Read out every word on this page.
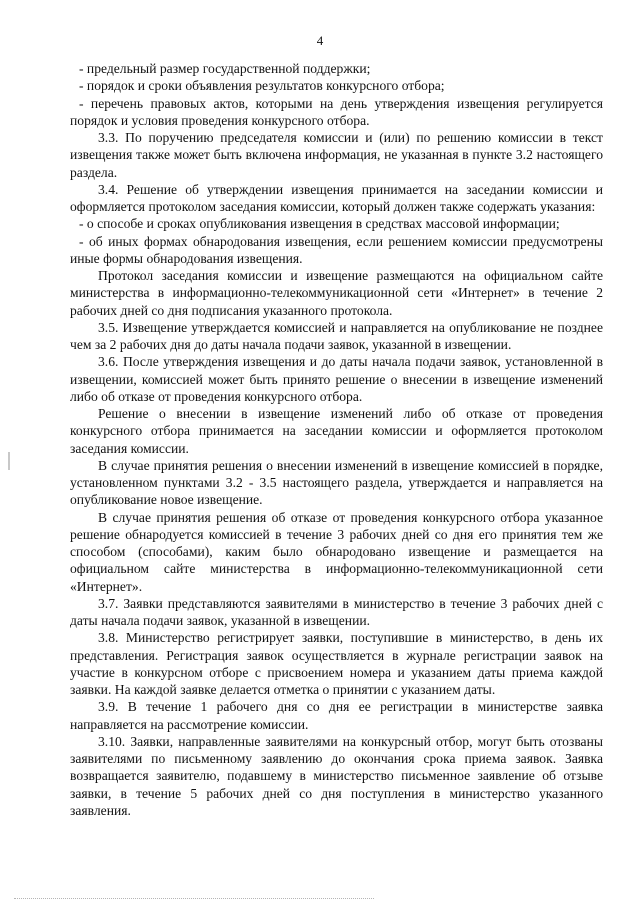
4

- предельный размер государственной поддержки;

- порядок и сроки объявления результатов конкурсного отбора;

- перечень правовых актов, которыми на день утверждения извещения регулируется порядок и условия проведения конкурсного отбора.

3.3. По поручению председателя комиссии и (или) по решению комиссии в текст извещения также может быть включена информация, не указанная в пункте 3.2 настоящего раздела.

3.4. Решение об утверждении извещения принимается на заседании комиссии и оформляется протоколом заседания комиссии, который должен также содержать указания:

- о способе и сроках опубликования извещения в средствах массовой информации;

- об иных формах обнародования извещения, если решением комиссии предусмотрены иные формы обнародования извещения.

Протокол заседания комиссии и извещение размещаются на официальном сайте министерства в информационно-телекоммуникационной сети «Интернет» в течение 2 рабочих дней со дня подписания указанного протокола.

3.5. Извещение утверждается комиссией и направляется на опубликование не позднее чем за 2 рабочих дня до даты начала подачи заявок, указанной в извещении.

3.6. После утверждения извещения и до даты начала подачи заявок, установленной в извещении, комиссией может быть принято решение о внесении в извещение изменений либо об отказе от проведения конкурсного отбора.

Решение о внесении в извещение изменений либо об отказе от проведения конкурсного отбора принимается на заседании комиссии и оформляется протоколом заседания комиссии.

В случае принятия решения о внесении изменений в извещение комиссией в порядке, установленном пунктами 3.2 - 3.5 настоящего раздела, утверждается и направляется на опубликование новое извещение.

В случае принятия решения об отказе от проведения конкурсного отбора указанное решение обнародуется комиссией в течение 3 рабочих дней со дня его принятия тем же способом (способами), каким было обнародовано извещение и размещается на официальном сайте министерства в информационно-телекоммуникационной сети «Интернет».

3.7. Заявки представляются заявителями в министерство в течение 3 рабочих дней с даты начала подачи заявок, указанной в извещении.

3.8. Министерство регистрирует заявки, поступившие в министерство, в день их представления. Регистрация заявок осуществляется в журнале регистрации заявок на участие в конкурсном отборе с присвоением номера и указанием даты приема каждой заявки. На каждой заявке делается отметка о принятии с указанием даты.

3.9. В течение 1 рабочего дня со дня ее регистрации в министерстве заявка направляется на рассмотрение комиссии.

3.10. Заявки, направленные заявителями на конкурсный отбор, могут быть отозваны заявителями по письменному заявлению до окончания срока приема заявок. Заявка возвращается заявителю, подавшему в министерство письменное заявление об отзыве заявки, в течение 5 рабочих дней со дня поступления в министерство указанного заявления.
